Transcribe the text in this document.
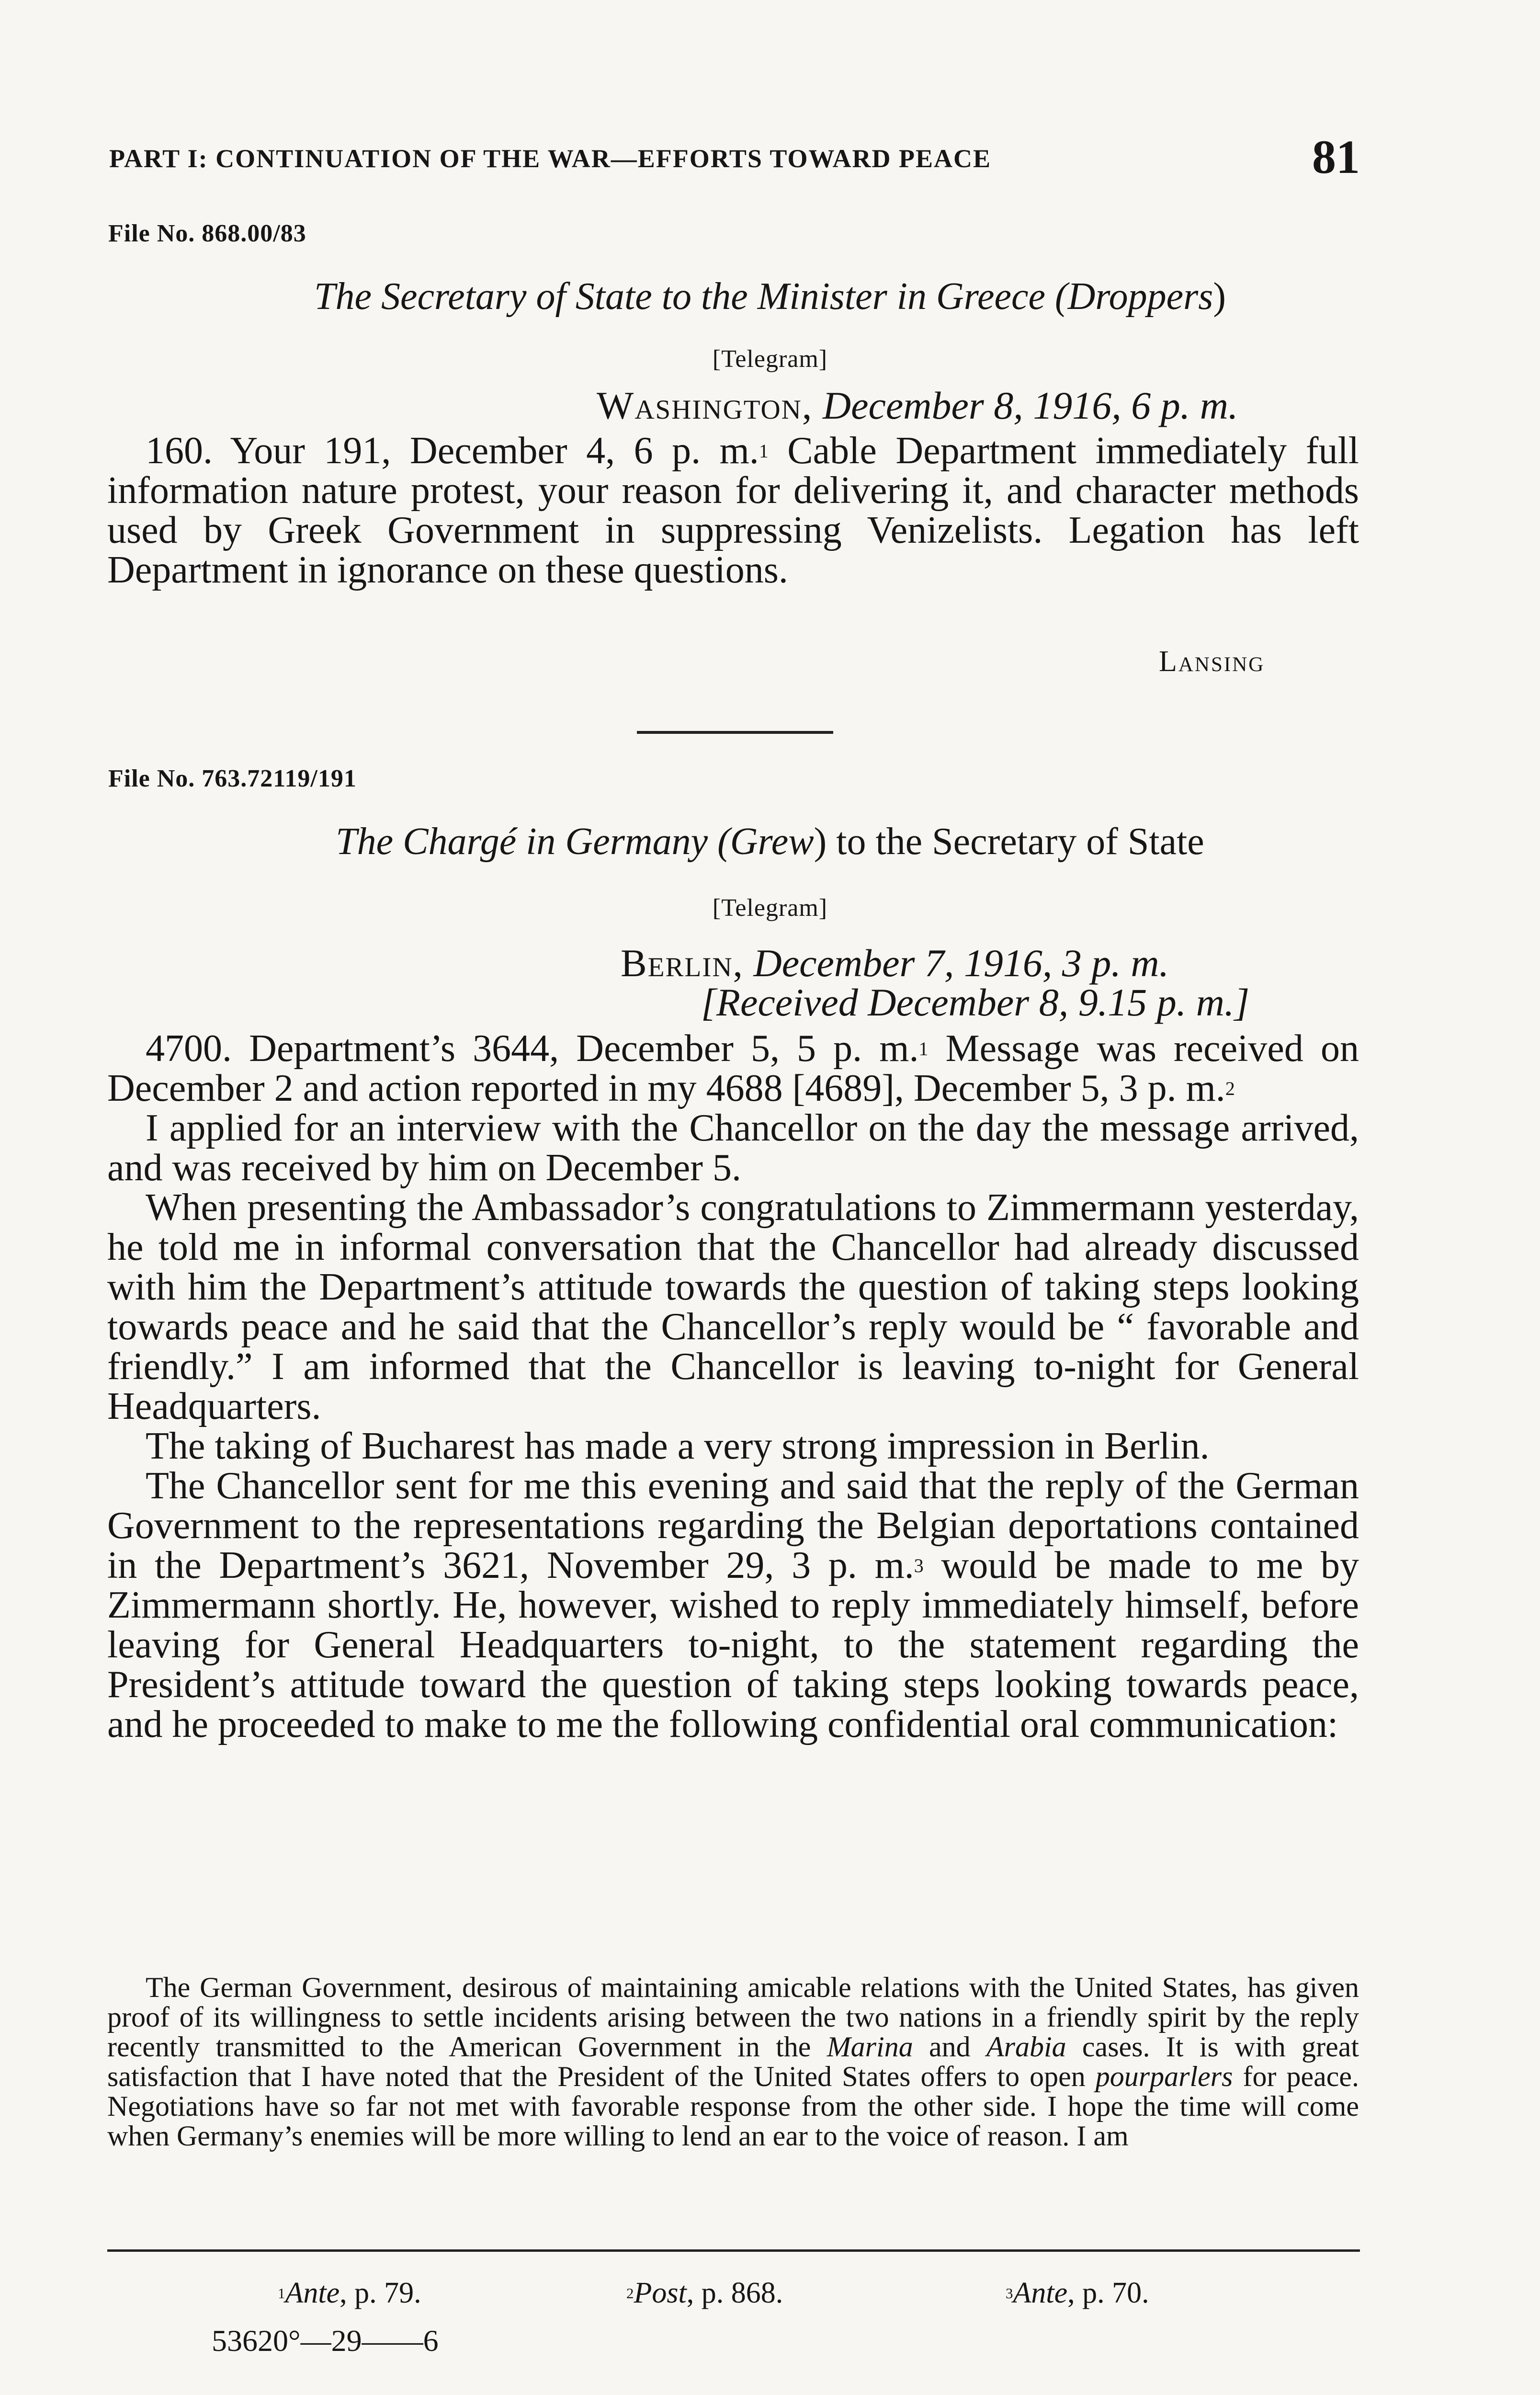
PART I: CONTINUATION OF THE WAR—EFFORTS TOWARD PEACE	81
File No. 868.00/83
The Secretary of State to the Minister in Greece (Droppers)
[Telegram]
Washington, December 8, 1916, 6 p. m.

160. Your 191, December 4, 6 p. m.$^1$ Cable Department immediately full information nature protest, your reason for delivering it, and character methods used by Greek Government in suppressing Venizelists. Legation has left Department in ignorance on these questions.

Lansing
File No. 763.72119/191
The Chargé in Germany (Grew) to the Secretary of State
[Telegram]
Berlin, December 7, 1916, 3 p. m.
[Received December 8, 9.15 p. m.]

4700. Department’s 3644, December 5, 5 p. m.$^1$ Message was received on December 2 and action reported in my 4688 [4689], December 5, 3 p. m.$^2$

I applied for an interview with the Chancellor on the day the message arrived, and was received by him on December 5.

When presenting the Ambassador’s congratulations to Zimmermann yesterday, he told me in informal conversation that the Chancellor had already discussed with him the Department’s attitude towards the question of taking steps looking towards peace and he said that the Chancellor’s reply would be “ favorable and friendly.” I am informed that the Chancellor is leaving to-night for General Headquarters.

The taking of Bucharest has made a very strong impression in Berlin.

The Chancellor sent for me this evening and said that the reply of the German Government to the representations regarding the Belgian deportations contained in the Department’s 3621, November 29, 3 p. m.$^3$ would be made to me by Zimmermann shortly. He, however, wished to reply immediately himself, before leaving for General Headquarters to-night, to the statement regarding the President’s attitude toward the question of taking steps looking towards peace, and he proceeded to make to me the following confidential oral communication:

The German Government, desirous of maintaining amicable relations with the United States, has given proof of its willingness to settle incidents arising between the two nations in a friendly spirit by the reply recently transmitted to the American Government in the Marina and Arabia cases. It is with great satisfaction that I have noted that the President of the United States offers to open pourparlers for peace. Negotiations have so far not met with favorable response from the other side. I hope the time will come when Germany’s enemies will be more willing to lend an ear to the voice of reason. I am

$^1$Ante, p. 79.	$^2$Post, p. 868.	$^3$Ante, p. 70.
53620°—29——6
